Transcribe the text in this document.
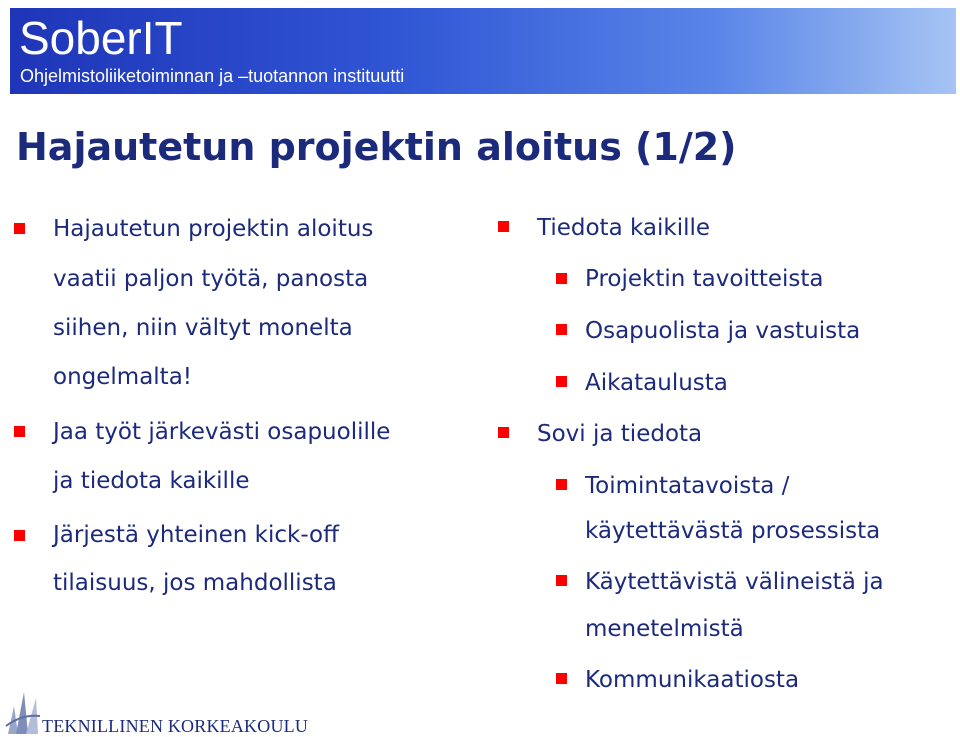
SoberIT
Ohjelmistoliiketoiminnan ja –tuotannon instituutti
Hajautetun projektin aloitus (1/2)
Hajautetun projektin aloitus
vaatii paljon työtä, panosta
siihen, niin vältyt monelta
ongelmalta!
Jaa työt järkevästi osapuolille
ja tiedota kaikille
Järjestä yhteinen kick-off
tilaisuus, jos mahdollista
Tiedota kaikille
Projektin tavoitteista
Osapuolista ja vastuista
Aikataulusta
Sovi ja tiedota
Toimintatavoista /
käytettävästä prosessista
Käytettävistä välineistä ja
menetelmistä
Kommunikaatiosta
TEKNILLINEN KORKEAKOULU
